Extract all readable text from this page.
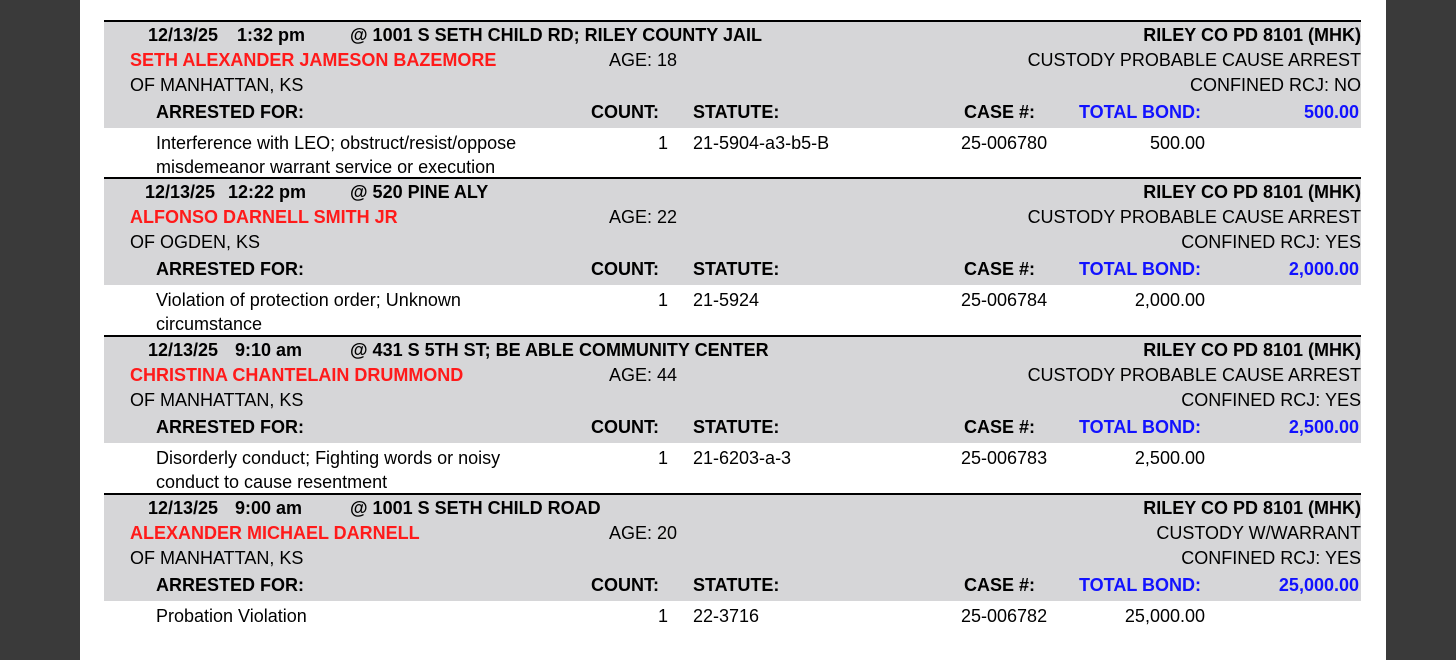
12/13/25 1:32 pm @ 1001 S SETH CHILD RD; RILEY COUNTY JAIL	RILEY CO PD 8101 (MHK)
SETH ALEXANDER JAMESON BAZEMORE	AGE: 18	CUSTODY PROBABLE CAUSE ARREST
OF MANHATTAN, KS	CONFINED RCJ: NO
ARRESTED FOR:	COUNT: STATUTE:	CASE #: TOTAL BOND:	500.00
Interference with LEO; obstruct/resist/oppose
misdemeanor warrant service or execution
1 21-5904-a3-b5-B	25-006780	500.00
12/13/25 12:22 pm @ 520 PINE ALY	RILEY CO PD 8101 (MHK)
ALFONSO DARNELL SMITH JR	AGE: 22	CUSTODY PROBABLE CAUSE ARREST
OF OGDEN, KS	CONFINED RCJ: YES
ARRESTED FOR:	COUNT: STATUTE:	CASE #: TOTAL BOND:	2,000.00
Violation of protection order; Unknown
circumstance
1 21-5924	25-006784	2,000.00
12/13/25 9:10 am	@ 431 S 5TH ST; BE ABLE COMMUNITY CENTER	RILEY CO PD 8101 (MHK)
CHRISTINA CHANTELAIN DRUMMOND	AGE: 44	CUSTODY PROBABLE CAUSE ARREST
OF MANHATTAN, KS	CONFINED RCJ: YES
ARRESTED FOR:	COUNT: STATUTE:	CASE #: TOTAL BOND:	2,500.00
Disorderly conduct; Fighting words or noisy
conduct to cause resentment
1 21-6203-a-3	25-006783	2,500.00
12/13/25 9:00 am	@ 1001 S SETH CHILD ROAD	RILEY CO PD 8101 (MHK)
ALEXANDER MICHAEL DARNELL	AGE: 20	CUSTODY W/WARRANT
OF MANHATTAN, KS	CONFINED RCJ: YES
ARRESTED FOR:	COUNT: STATUTE:	CASE #: TOTAL BOND:	25,000.00
Probation Violation	1 22-3716	25-006782	25,000.00
